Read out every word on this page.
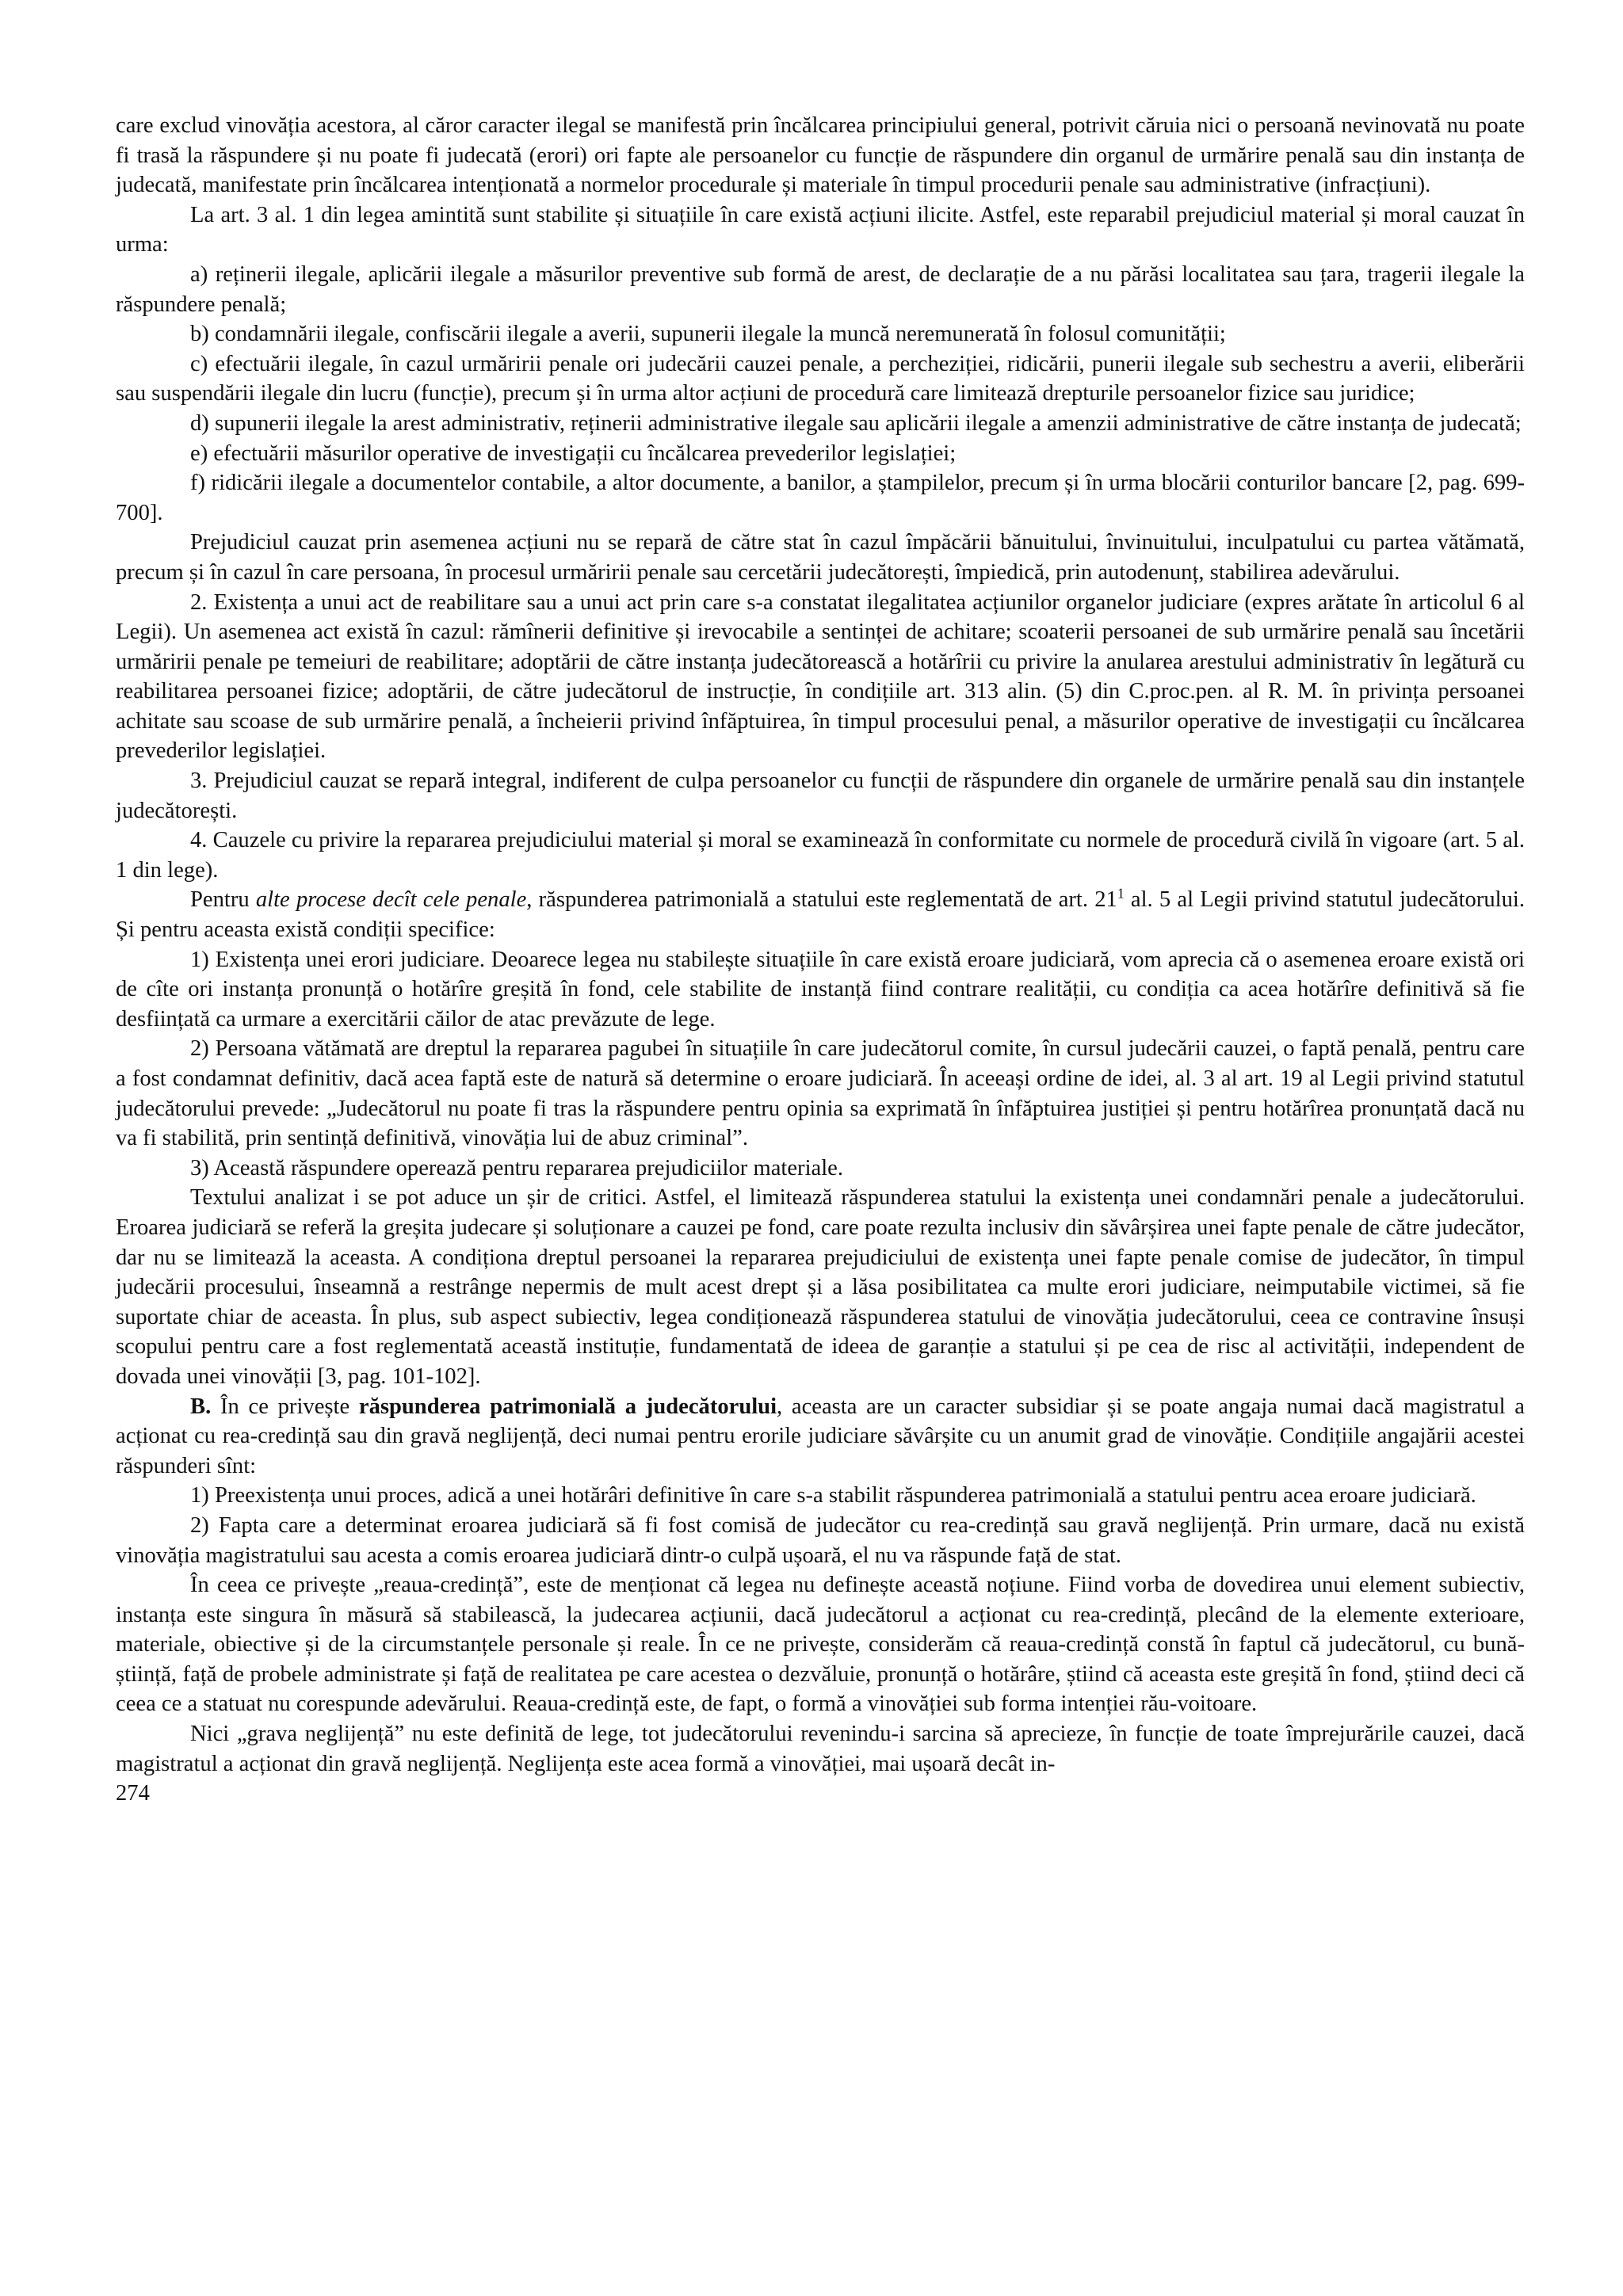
care exclud vinovăția acestora, al căror caracter ilegal se manifestă prin încălcarea principiului general, potrivit căruia nici o persoană nevinovată nu poate fi trasă la răspundere și nu poate fi judecată (erori) ori fapte ale persoanelor cu funcție de răspundere din organul de urmărire penală sau din instanța de judecată, manifestate prin încălcarea intenționată a normelor procedurale și materiale în timpul procedurii penale sau administrative (infracțiuni).

La art. 3 al. 1 din legea amintită sunt stabilite și situațiile în care există acțiuni ilicite. Astfel, este reparabil prejudiciul material și moral cauzat în urma:

a) reținerii ilegale, aplicării ilegale a măsurilor preventive sub formă de arest, de declarație de a nu părăsi localitatea sau țara, tragerii ilegale la răspundere penală;

b) condamnării ilegale, confiscării ilegale a averii, supunerii ilegale la muncă neremunerată în folosul comunității;

c) efectuării ilegale, în cazul urmăririi penale ori judecării cauzei penale, a percheziției, ridicării, punerii ilegale sub sechestru a averii, eliberării sau suspendării ilegale din lucru (funcție), precum și în urma altor acțiuni de procedură care limitează drepturile persoanelor fizice sau juridice;

d) supunerii ilegale la arest administrativ, reținerii administrative ilegale sau aplicării ilegale a amenzii administrative de către instanța de judecată;

e) efectuării măsurilor operative de investigații cu încălcarea prevederilor legislației;

f) ridicării ilegale a documentelor contabile, a altor documente, a banilor, a ștampilelor, precum și în urma blocării conturilor bancare [2, pag. 699-700].

Prejudiciul cauzat prin asemenea acțiuni nu se repară de către stat în cazul împăcării bănuitului, învinuitului, inculpatului cu partea vătămată, precum și în cazul în care persoana, în procesul urmăririi penale sau cercetării judecătorești, împiedică, prin autodenunț, stabilirea adevărului.

2. Existența a unui act de reabilitare sau a unui act prin care s-a constatat ilegalitatea acțiunilor organelor judiciare (expres arătate în articolul 6 al Legii). Un asemenea act există în cazul: rămînerii definitive și irevocabile a sentinței de achitare; scoaterii persoanei de sub urmărire penală sau încetării urmăririi penale pe temeiuri de reabilitare; adoptării de către instanța judecătorească a hotărîrii cu privire la anularea arestului administrativ în legătură cu reabilitarea persoanei fizice; adoptării, de către judecătorul de instrucție, în condițiile art. 313 alin. (5) din C.proc.pen. al R. M. în privința persoanei achitate sau scoase de sub urmărire penală, a încheierii privind înfăptuirea, în timpul procesului penal, a măsurilor operative de investigații cu încălcarea prevederilor legislației.

3. Prejudiciul cauzat se repară integral, indiferent de culpa persoanelor cu funcții de răspundere din organele de urmărire penală sau din instanțele judecătorești.

4. Cauzele cu privire la repararea prejudiciului material și moral se examinează în conformitate cu normele de procedură civilă în vigoare (art. 5 al. 1 din lege).

Pentru alte procese decît cele penale, răspunderea patrimonială a statului este reglementată de art. $21^1$ al. 5 al Legii privind statutul judecătorului. Și pentru aceasta există condiții specifice:

1) Existența unei erori judiciare. Deoarece legea nu stabilește situațiile în care există eroare judiciară, vom aprecia că o asemenea eroare există ori de cîte ori instanța pronunță o hotărîre greșită în fond, cele stabilite de instanță fiind contrare realității, cu condiția ca acea hotărîre definitivă să fie desființată ca urmare a exercitării căilor de atac prevăzute de lege.

2) Persoana vătămată are dreptul la repararea pagubei în situațiile în care judecătorul comite, în cursul judecării cauzei, o faptă penală, pentru care a fost condamnat definitiv, dacă acea faptă este de natură să determine o eroare judiciară. În aceeași ordine de idei, al. 3 al art. 19 al Legii privind statutul judecătorului prevede: „Judecătorul nu poate fi tras la răspundere pentru opinia sa exprimată în înfăptuirea justiției și pentru hotărîrea pronunțată dacă nu va fi stabilită, prin sentință definitivă, vinovăția lui de abuz criminal”.

3) Această răspundere operează pentru repararea prejudiciilor materiale.

Textului analizat i se pot aduce un șir de critici. Astfel, el limitează răspunderea statului la existența unei condamnări penale a judecătorului. Eroarea judiciară se referă la greșita judecare și soluționare a cauzei pe fond, care poate rezulta inclusiv din săvârșirea unei fapte penale de către judecător, dar nu se limitează la aceasta. A condiționa dreptul persoanei la repararea prejudiciului de existența unei fapte penale comise de judecător, în timpul judecării procesului, înseamnă a restrânge nepermis de mult acest drept și a lăsa posibilitatea ca multe erori judiciare, neimputabile victimei, să fie suportate chiar de aceasta. În plus, sub aspect subiectiv, legea condiționează răspunderea statului de vinovăția judecătorului, ceea ce contravine însuși scopului pentru care a fost reglementată această instituție, fundamentată de ideea de garanție a statului și pe cea de risc al activității, independent de dovada unei vinovății [3, pag. 101-102].

B. În ce privește răspunderea patrimonială a judecătorului, aceasta are un caracter subsidiar și se poate angaja numai dacă magistratul a acționat cu rea-credință sau din gravă neglijență, deci numai pentru erorile judiciare săvârșite cu un anumit grad de vinovăție. Condițiile angajării acestei răspunderi sînt:

1) Preexistența unui proces, adică a unei hotărâri definitive în care s-a stabilit răspunderea patrimonială a statului pentru acea eroare judiciară.

2) Fapta care a determinat eroarea judiciară să fi fost comisă de judecător cu rea-credință sau gravă neglijență. Prin urmare, dacă nu există vinovăția magistratului sau acesta a comis eroarea judiciară dintr-o culpă ușoară, el nu va răspunde față de stat.

În ceea ce privește „reaua-credință”, este de menționat că legea nu definește această noțiune. Fiind vorba de dovedirea unui element subiectiv, instanța este singura în măsură să stabilească, la judecarea acțiunii, dacă judecătorul a acționat cu rea-credință, plecând de la elemente exterioare, materiale, obiective și de la circumstanțele personale și reale. În ce ne privește, considerăm că reaua-credință constă în faptul că judecătorul, cu bună-știință, față de probele administrate și față de realitatea pe care acestea o dezvăluie, pronunță o hotărâre, știind că aceasta este greșită în fond, știind deci că ceea ce a statuat nu corespunde adevărului. Reaua-credință este, de fapt, o formă a vinovăției sub forma intenției rău-voitoare.

Nici „grava neglijență” nu este definită de lege, tot judecătorului revenindu-i sarcina să aprecieze, în funcție de toate împrejurările cauzei, dacă magistratul a acționat din gravă neglijență. Neglijența este acea formă a vinovăției, mai ușoară decât in-

274
